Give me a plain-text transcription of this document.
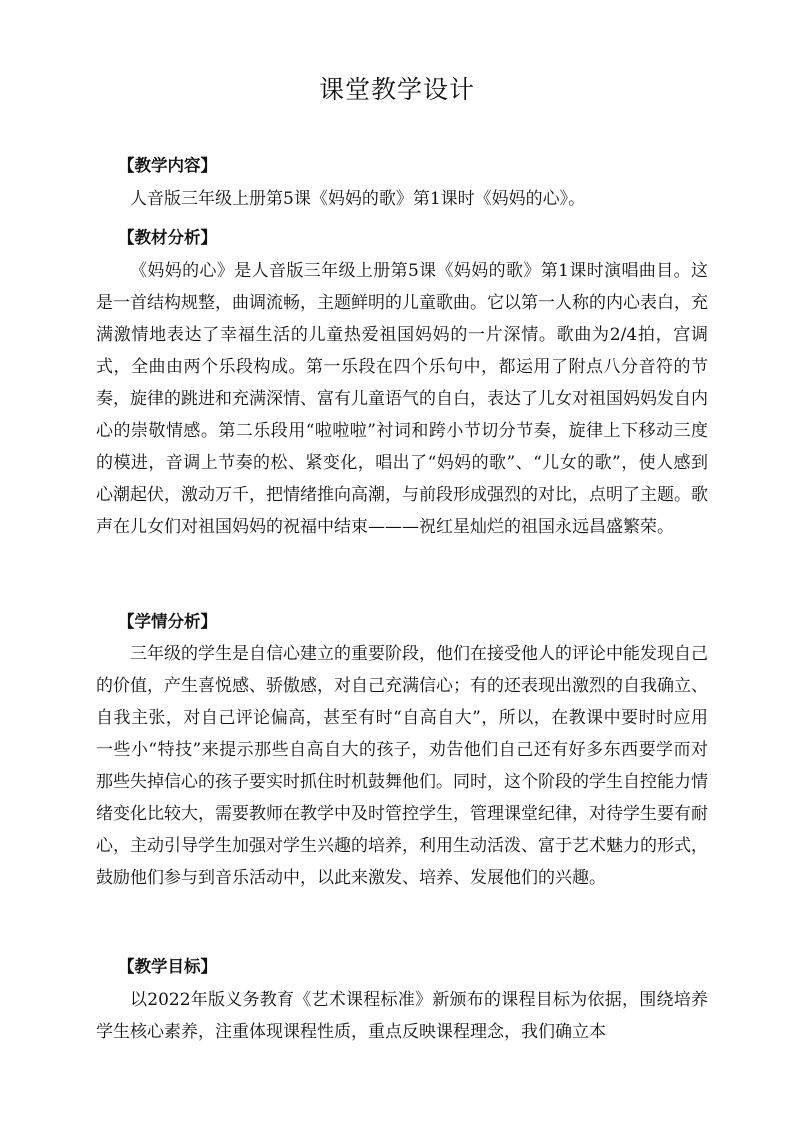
课堂教学设计
【教学内容】
人音版三年级上册第5课《妈妈的歌》第1课时《妈妈的心》。
【教材分析】
《妈妈的心》是人音版三年级上册第5课《妈妈的歌》第1课时演唱曲目。这是一首结构规整，曲调流畅，主题鲜明的儿童歌曲。它以第一人称的内心表白，充满激情地表达了幸福生活的儿童热爱祖国妈妈的一片深情。歌曲为2/4拍，宫调式，全曲由两个乐段构成。第一乐段在四个乐句中，都运用了附点八分音符的节奏，旋律的跳进和充满深情、富有儿童语气的自白，表达了儿女对祖国妈妈发自内心的崇敬情感。第二乐段用“啦啦啦”衬词和跨小节切分节奏，旋律上下移动三度的模进，音调上节奏的松、紧变化，唱出了“妈妈的歌”、“儿女的歌”，使人感到心潮起伏，激动万千，把情绪推向高潮，与前段形成强烈的对比，点明了主题。歌声在儿女们对祖国妈妈的祝福中结束———祝红星灿烂的祖国永远昌盛繁荣。
【学情分析】
三年级的学生是自信心建立的重要阶段，他们在接受他人的评论中能发现自己的价值，产生喜悦感、骄傲感，对自己充满信心；有的还表现出激烈的自我确立、自我主张，对自己评论偏高，甚至有时“自高自大”，所以，在教课中要时时应用一些小“特技”来提示那些自高自大的孩子，劝告他们自己还有好多东西要学而对那些失掉信心的孩子要实时抓住时机鼓舞他们。同时，这个阶段的学生自控能力情绪变化比较大，需要教师在教学中及时管控学生，管理课堂纪律，对待学生要有耐心，主动引导学生加强对学生兴趣的培养，利用生动活泼、富于艺术魅力的形式，鼓励他们参与到音乐活动中，以此来激发、培养、发展他们的兴趣。
【教学目标】
以2022年版义务教育《艺术课程标准》新颁布的课程目标为依据，围绕培养学生核心素养，注重体现课程性质，重点反映课程理念，我们确立本
